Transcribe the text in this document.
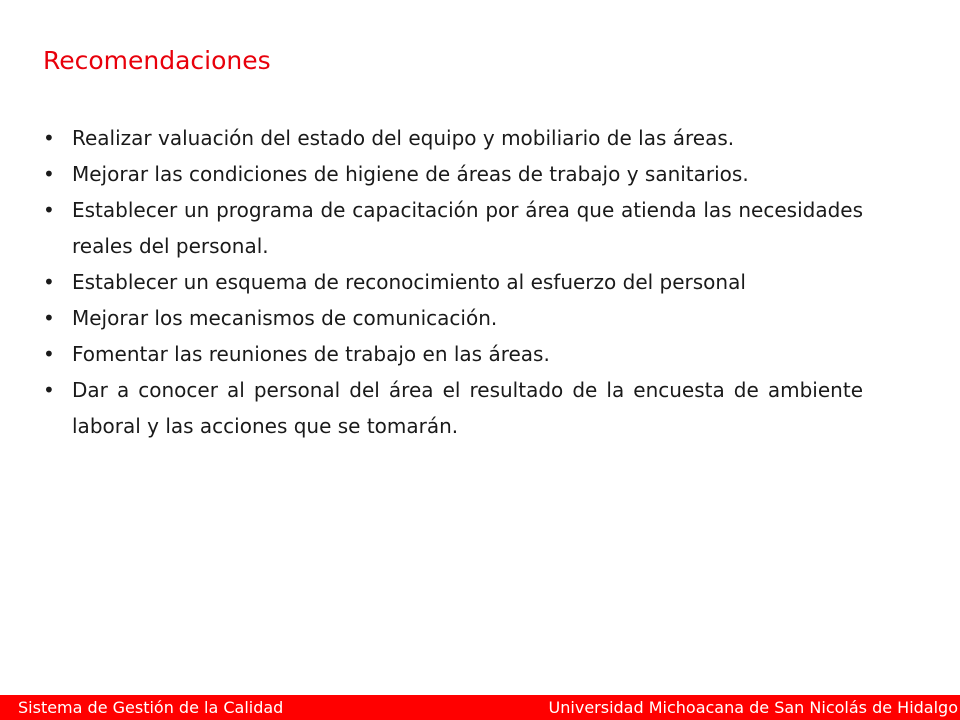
Recomendaciones
• Realizar valuación del estado del equipo y mobiliario de las áreas.
• Mejorar las condiciones de higiene de áreas de trabajo y sanitarios.
• Establecer un programa de capacitación por área que atienda las necesidades reales del personal.
• Establecer un esquema de reconocimiento al esfuerzo del personal
• Mejorar los mecanismos de comunicación.
• Fomentar las reuniones de trabajo en las áreas.
• Dar a conocer al personal del área el resultado de la encuesta de ambiente laboral y las acciones que se tomarán.
Sistema de Gestión de la Calidad	Universidad Michoacana de San Nicolás de Hidalgo
